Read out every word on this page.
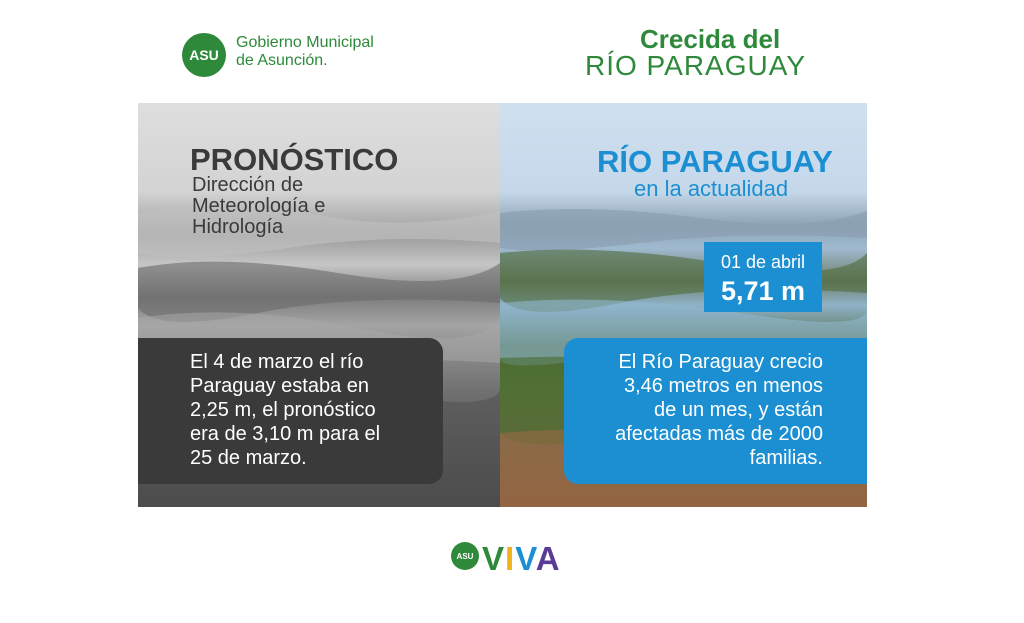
ASU
Gobierno Municipal
de Asunción.
Crecida del
RÍO PARAGUAY
PRONÓSTICO
Dirección de
Meteorología e
Hidrología
RÍO PARAGUAY
en la actualidad
01 de abril
5,71 m
El 4 de marzo el río
Paraguay estaba en
2,25 m, el pronóstico
era de 3,10 m para el
25 de marzo.
El Río Paraguay crecio
3,46 metros en menos
de un mes, y están
afectadas más de 2000
familias.
ASU VIVA
